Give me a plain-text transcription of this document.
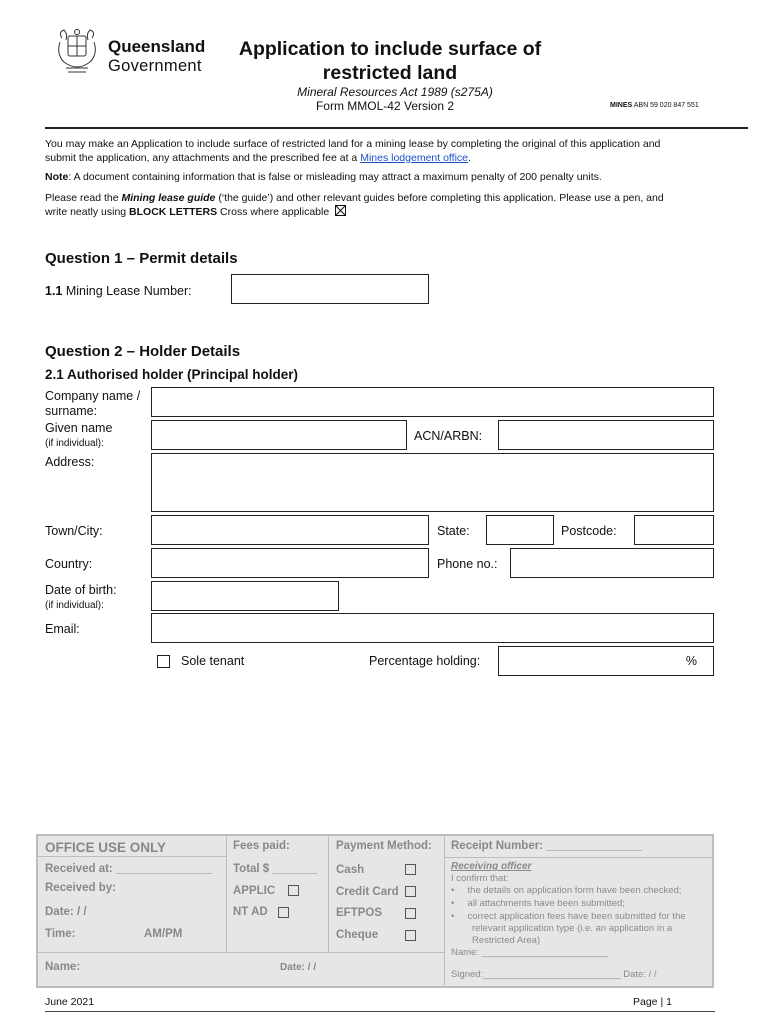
Queensland
Government
Application to include surface of
restricted land
Mineral Resources Act 1989 (s275A)
Form MMOL-42 Version 2	MINES ABN 59 020 847 551
You may make an Application to include surface of restricted land for a mining lease by completing the original of this application and
submit the application, any attachments and the prescribed fee at a Mines lodgement office.
Note: A document containing information that is false or misleading may attract a maximum penalty of 200 penalty units.
Please read the Mining lease guide (‘the guide’) and other relevant guides before completing this application. Please use a pen, and
write neatly using BLOCK LETTERS Cross where applicable
Question 1 – Permit details
1.1 Mining Lease Number:
Question 2 – Holder Details
2.1 Authorised holder (Principal holder)
Company name /
surname:
Given name
(if individual):
ACN/ARBN:
Address:
Town/City:	State:	Postcode:
Country:	Phone no.:
Date of birth:
(if individual):
Email:
Sole tenant	Percentage holding:	%
OFFICE USE ONLY
Received at: _______________
Received by:
Date: / /
Time:	AM/PM
Name:	Date: / /
Fees paid:
Total $ _______
APPLIC
NT AD
Payment Method:
Cash
Credit Card
EFTPOS
Cheque
Receipt Number: _______________
Receiving officer
I confirm that:
•     the details on application form have been checked;
•     all attachments have been submitted;
•     correct application fees have been submitted for the
relevant application type (i.e. an application in a
Restricted Area)
Name: ________________________
Signed:__________________________ Date: / /
June 2021	Page | 1
